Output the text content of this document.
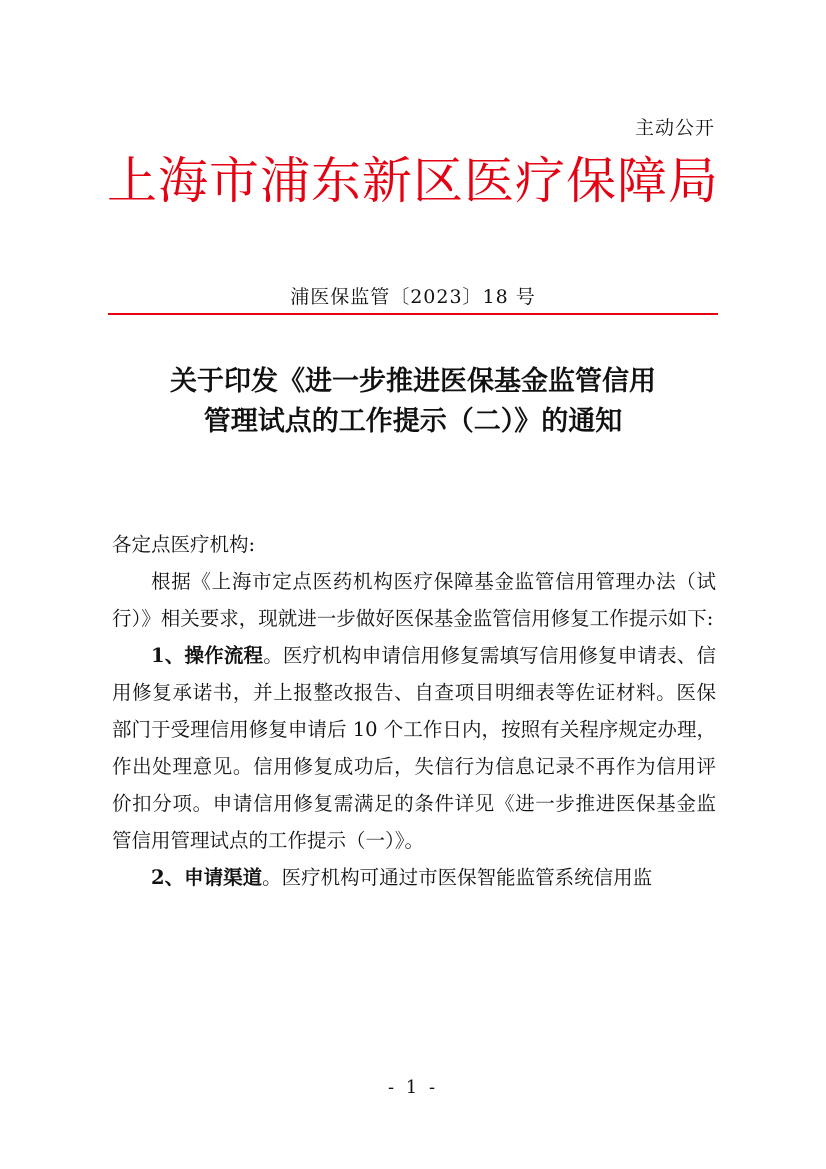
主动公开
上海市浦东新区医疗保障局
浦医保监管〔2023〕18 号
关于印发《进一步推进医保基金监管信用
管理试点的工作提示（二）》的通知

各定点医疗机构:

根据《上海市定点医药机构医疗保障基金监管信用管理办法（试行）》相关要求，现就进一步做好医保基金监管信用修复工作提示如下:

1、操作流程。医疗机构申请信用修复需填写信用修复申请表、信用修复承诺书，并上报整改报告、自查项目明细表等佐证材料。医保部门于受理信用修复申请后 10 个工作日内，按照有关程序规定办理，作出处理意见。信用修复成功后，失信行为信息记录不再作为信用评价扣分项。申请信用修复需满足的条件详见《进一步推进医保基金监管信用管理试点的工作提示（一）》。

2、申请渠道。医疗机构可通过市医保智能监管系统信用监

- 1 -
